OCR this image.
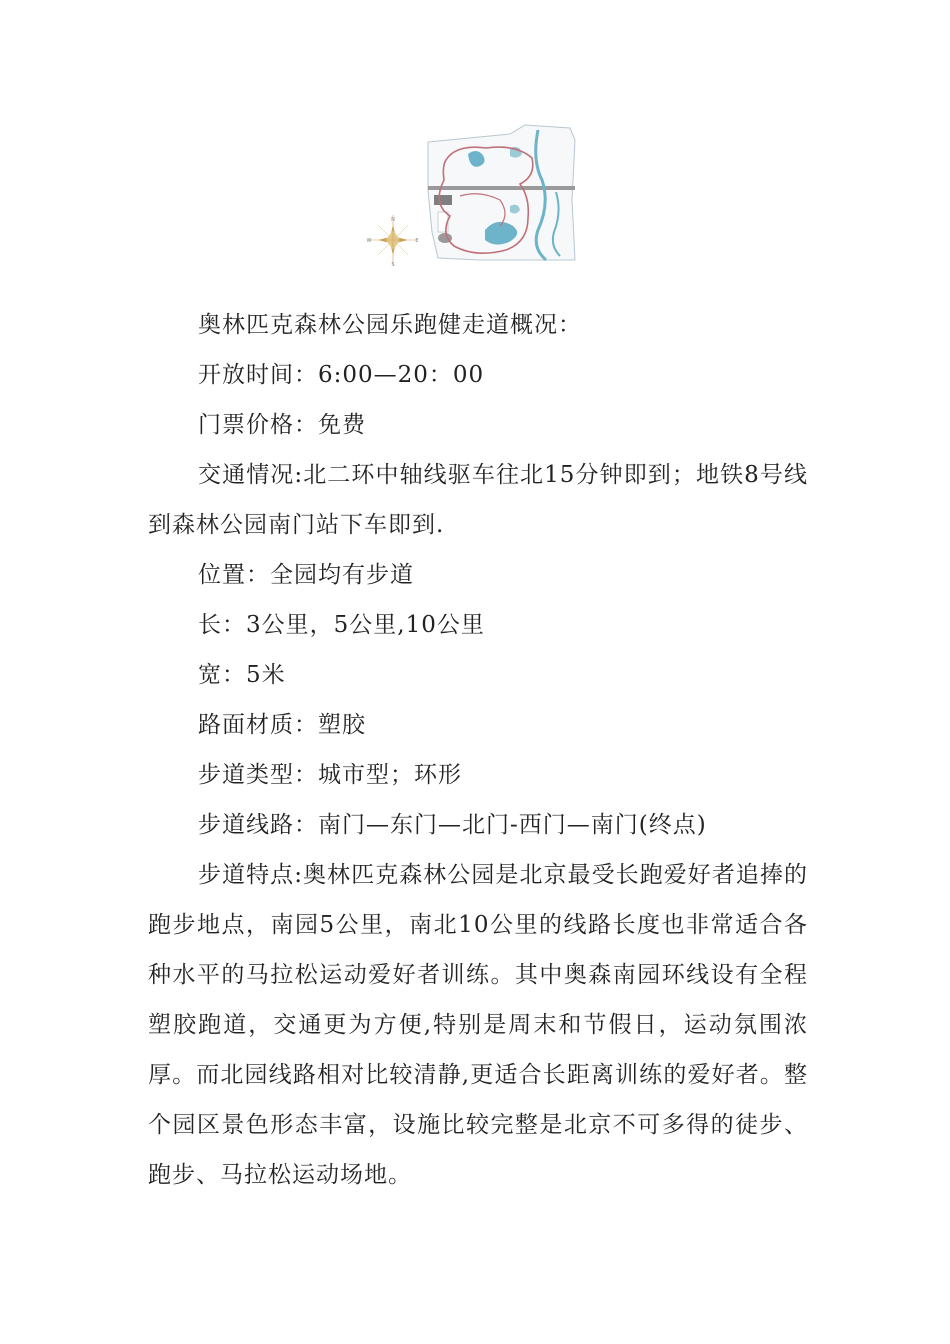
N
S
W	E

奥林匹克森林公园乐跑健走道概况：

开放时间：6:00—20：00

门票价格：免费

交通情况:北二环中轴线驱车往北15分钟即到；地铁8号线到森林公园南门站下车即到.

位置：全园均有步道

长：3公里，5公里,10公里

宽：5米

路面材质：塑胶

步道类型：城市型；环形

步道线路：南门—东门—北门-西门—南门(终点)

步道特点:奥林匹克森林公园是北京最受长跑爱好者追捧的跑步地点，南园5公里，南北10公里的线路长度也非常适合各种水平的马拉松运动爱好者训练。其中奥森南园环线设有全程塑胶跑道，交通更为方便,特别是周末和节假日，运动氛围浓厚。而北园线路相对比较清静,更适合长距离训练的爱好者。整个园区景色形态丰富，设施比较完整是北京不可多得的徒步、跑步、马拉松运动场地。
